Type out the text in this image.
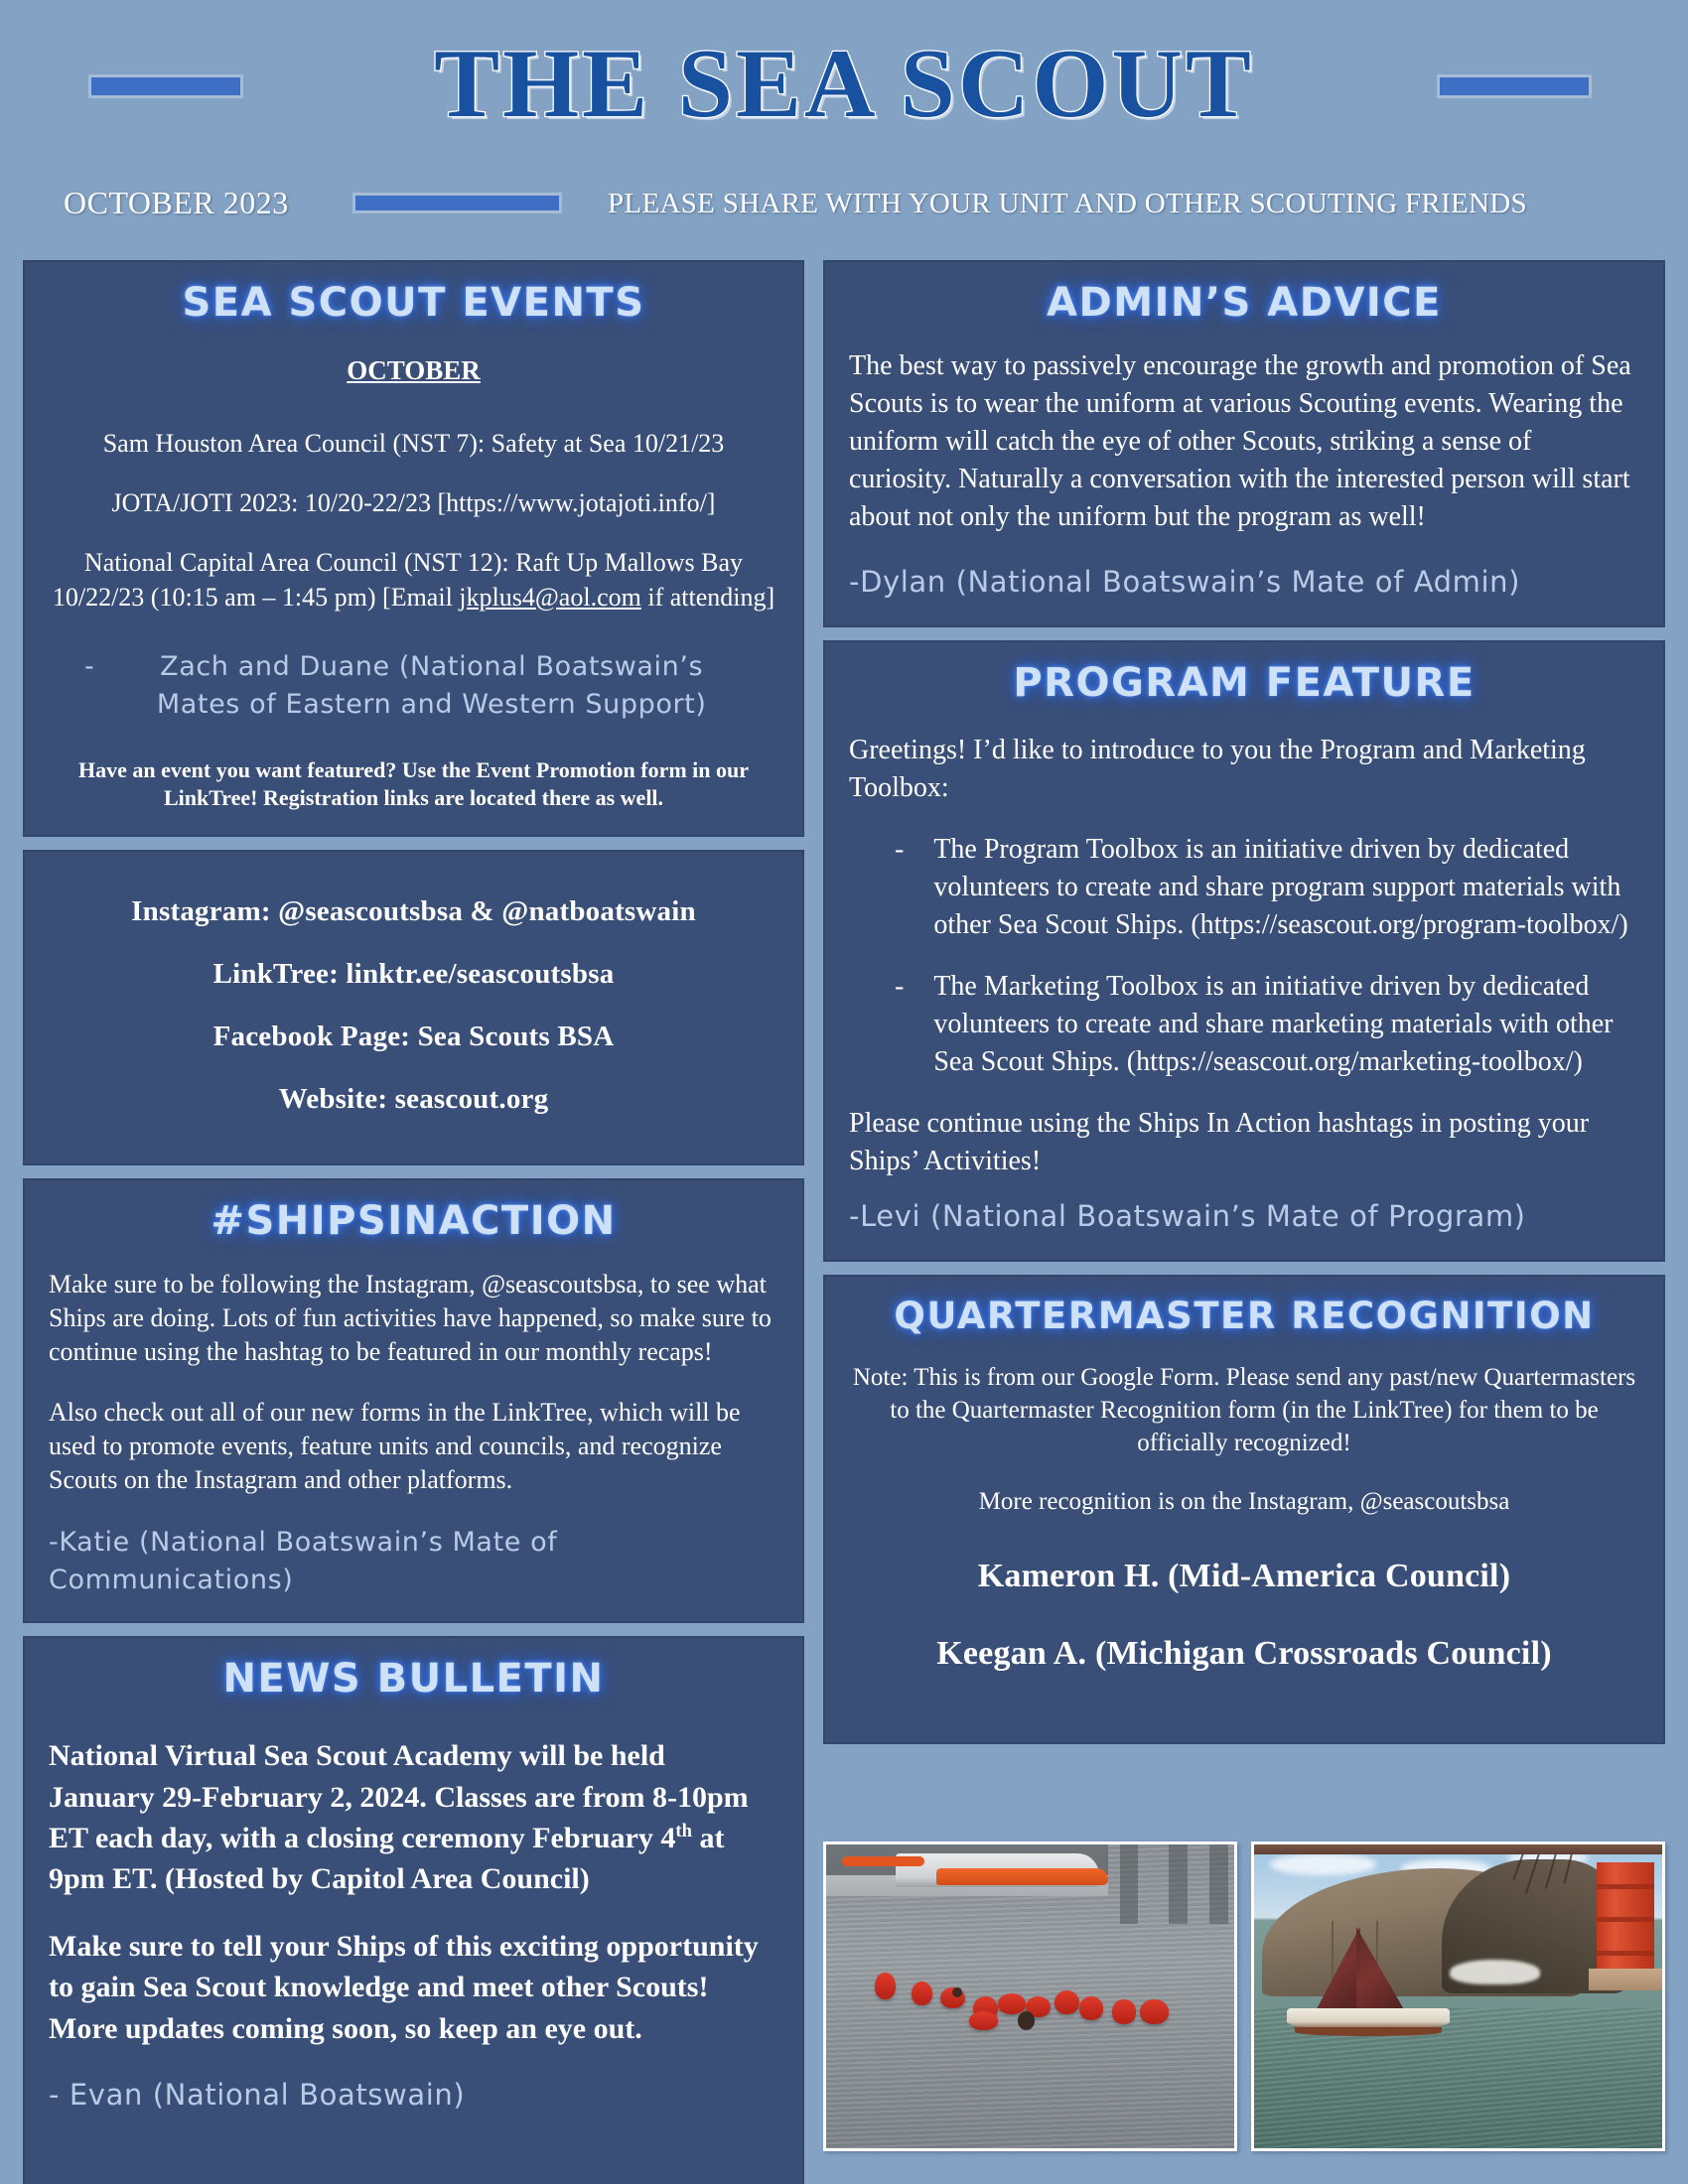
THE SEA SCOUT
OCTOBER 2023	PLEASE SHARE WITH YOUR UNIT AND OTHER SCOUTING FRIENDS
SEA SCOUT EVENTS
OCTOBER
Sam Houston Area Council (NST 7): Safety at Sea 10/21/23
JOTA/JOTI 2023: 10/20-22/23 [https://www.jotajoti.info/]
National Capital Area Council (NST 12): Raft Up Mallows Bay 10/22/23 (10:15 am – 1:45 pm) [Email jkplus4@aol.com if attending]
-	Zach and Duane (National Boatswain’s Mates of Eastern and Western Support)
Have an event you want featured? Use the Event Promotion form in our LinkTree! Registration links are located there as well.
Instagram: @seascoutsbsa & @natboatswain
LinkTree: linktr.ee/seascoutsbsa
Facebook Page: Sea Scouts BSA
Website: seascout.org
#SHIPSINACTION
Make sure to be following the Instagram, @seascoutsbsa, to see what Ships are doing. Lots of fun activities have happened, so make sure to continue using the hashtag to be featured in our monthly recaps!
Also check out all of our new forms in the LinkTree, which will be used to promote events, feature units and councils, and recognize Scouts on the Instagram and other platforms.
-Katie (National Boatswain’s Mate of Communications)
NEWS BULLETIN
National Virtual Sea Scout Academy will be held January 29-February 2, 2024. Classes are from 8-10pm ET each day, with a closing ceremony February 4th at 9pm ET. (Hosted by Capitol Area Council)
Make sure to tell your Ships of this exciting opportunity to gain Sea Scout knowledge and meet other Scouts! More updates coming soon, so keep an eye out.
- Evan (National Boatswain)
ADMIN’S ADVICE
The best way to passively encourage the growth and promotion of Sea Scouts is to wear the uniform at various Scouting events. Wearing the uniform will catch the eye of other Scouts, striking a sense of curiosity. Naturally a conversation with the interested person will start about not only the uniform but the program as well!
-Dylan (National Boatswain’s Mate of Admin)
PROGRAM FEATURE
Greetings! I’d like to introduce to you the Program and Marketing Toolbox:
- The Program Toolbox is an initiative driven by dedicated volunteers to create and share program support materials with other Sea Scout Ships. (https://seascout.org/program-toolbox/)
- The Marketing Toolbox is an initiative driven by dedicated volunteers to create and share marketing materials with other Sea Scout Ships. (https://seascout.org/marketing-toolbox/)
Please continue using the Ships In Action hashtags in posting your Ships’ Activities!
-Levi (National Boatswain’s Mate of Program)
QUARTERMASTER RECOGNITION
Note: This is from our Google Form. Please send any past/new Quartermasters to the Quartermaster Recognition form (in the LinkTree) for them to be officially recognized!
More recognition is on the Instagram, @seascoutsbsa
Kameron H. (Mid-America Council)
Keegan A. (Michigan Crossroads Council)
